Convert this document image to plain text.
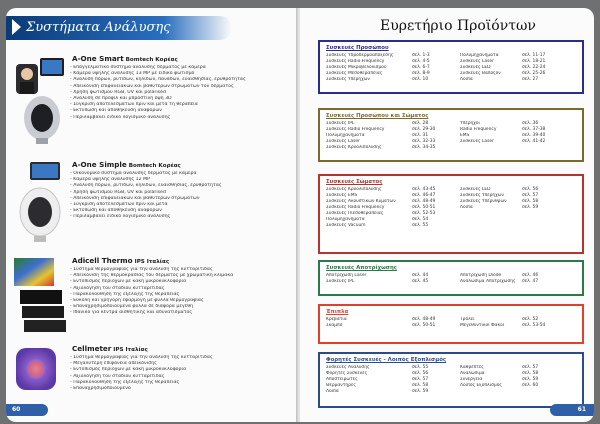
Συστήματα Ανάλυσης
A-One Smart Bomtech Κορέας
- Επαγγελματικό σύστημα ανάλυσης δέρματος με κάμερα
- Κάμερα υψηλής ανάλυσης 13 MP με ειδικό φωτισμό
- Ανάλυση πόρων, ρυτίδων, κηλίδων, πανάδων, ευαισθησίας, ερυθρότητας
- Απεικόνιση επιφανειακών και βαθύτερων στρωμάτων του δέρματος
- Χρήση φωτισμού RGB, UV και polarised
- Ανάλυση σε προφίλ και μπροστινή όψη 3D
- Σύγκριση αποτελεσμάτων πριν και μετά τη θεραπεία
- Εκτύπωση και αποθήκευση αναφορών
- Περιλαμβάνει ειδικό λογισμικό ανάλυσης
A-One Simple Bomtech Κορέας
- Οικονομικό σύστημα ανάλυσης δέρματος με κάμερα
- Κάμερα υψηλής ανάλυσης 12 MP
- Ανάλυση πόρων, ρυτίδων, κηλίδων, ευαισθησίας, ερυθρότητας
- Χρήση φωτισμού RGB, UV και polarised
- Απεικόνιση επιφανειακών και βαθύτερων στρωμάτων
- Σύγκριση αποτελεσμάτων πριν και μετά
- Εκτύπωση και αποθήκευση αναφορών
- Περιλαμβάνει ειδικό λογισμικό ανάλυσης
Adicell Thermo IPS Ιταλίας
- Σύστημα θερμογραφίας για την ανάλυση της κυτταρίτιδας
- Απεικόνιση της θερμοκρασίας του δέρματος με χρωματική κλίμακα
- Εντοπισμός περιοχών με κακή μικροκυκλοφορία
- Αξιολόγηση του σταδίου κυτταρίτιδας
- Παρακολούθηση της εξέλιξης της θεραπείας
- Εύκολη και γρήγορη εφαρμογή με φύλλα θερμογραφίας
- Επαναχρησιμοποιούμενα φύλλα σε διάφορα μεγέθη
- Ιδανικό για κέντρα αισθητικής και αδυνατίσματος
Cellmeter IPS Ιταλίας
- Σύστημα θερμογραφίας για την ανάλυση της κυτταρίτιδας
- Μεγαλύτερη επιφάνεια απεικόνισης
- Εντοπισμός περιοχών με κακή μικροκυκλοφορία
- Αξιολόγηση του σταδίου κυτταρίτιδας
- Παρακολούθηση της εξέλιξης της θεραπείας
- Επαναχρησιμοποιούμενο
60
Ευρετήριο Προϊόντων
Συσκευές Προσώπου
Συσκευές Υδροδερμοαπόξεσης	σελ. 1-3
Συσκευές Radio Frequency	σελ. 4-5
Συσκευές Μικροβελονισμού	σελ. 6-7
Συσκευές Μεσοθεραπείας	σελ. 8-9
Συσκευές Υπερήχων	σελ. 10
Πολυμηχανήματα	σελ. 11-17
Συσκευές Laser	σελ. 18-21
Συσκευές LED	σελ. 22-24
Συσκευές Βαποζόν	σελ. 25-26
Λοιπά	σελ. 27
Συσκευές Προσώπου και Σώματος
Συσκευές IPL	σελ. 28
Συσκευές Radio Frequency	σελ. 29-30
Πολυμηχανήματα	σελ. 31
Συσκευές Laser	σελ. 32-33
Συσκευές Κρυολιπόλυσης	σελ. 34-35
Υπέρηχοι	σελ. 36
Radio Frequency	σελ. 37-38
EMS	σελ. 39-40
Συσκευές Laser	σελ. 41-42
Συσκευές Σώματος
Συσκευές Κρυολιπόλυσης	σελ. 43-45
Συσκευές EMS	σελ. 46-47
Συσκευές Ακουστικών Κυμάτων	σελ. 48-49
Συσκευές Radio Frequency	σελ. 50-51
Συσκευές Πιεσοθεραπείας	σελ. 52-53
Πολυμηχανήματα	σελ. 54
Συσκευές Vacuum	σελ. 55
Συσκευές LED	σελ. 56
Συσκευές Υπερήχων	σελ. 57
Συσκευές Υπέρυθρων	σελ. 58
Λοιπά	σελ. 59
Συσκευές Αποτρίχωσης
Αποτρίχωση Laser	σελ. 44
Συσκευές IPL	σελ. 45
Αποτρίχωση Diode	σελ. 46
Αναλώσιμα Αποτρίχωσης σελ. 47
Έπιπλα
Κρεβάτια	σελ. 48-49
Σκαμπό	σελ. 50-51
Τρόλεϊ	σελ. 52
Μεγεθυντικοί Φακοί	σελ. 53-54
Φορητές Συσκευές - Λοιπός Εξοπλισμός
Συσκευές Ανάλυσης	σελ. 55
Φορητές Συσκευές	σελ. 56
Αποστειρωτές	σελ. 57
Θερμαντήρες	σελ. 58
Λοιπά	σελ. 59
Καθρέπτες	σελ. 57
Αναλώσιμα	σελ. 58
Συνεργεία	σελ. 59
Λοιπός Εξοπλισμός	σελ. 60
61
